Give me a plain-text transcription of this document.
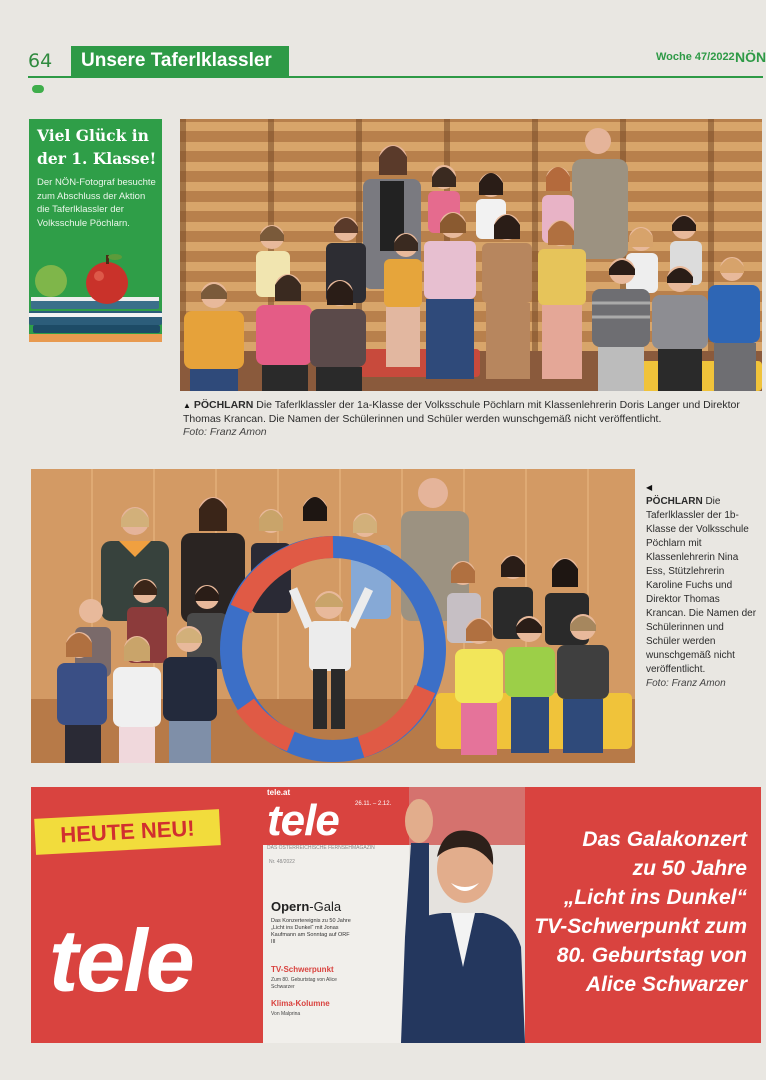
64	Unsere Taferlklassler	Woche 47/2022 NÖN
Viel Glück in der 1. Klasse!
Der NÖN-Fotograf besuchte zum Abschluss der Aktion die Taferlklassler der Volksschule Pöchlarn.
▲ PÖCHLARN Die Taferlklassler der 1a-Klasse der Volksschule Pöchlarn mit Klassenlehrerin Doris Langer und Direktor Thomas Krancan. Die Namen der Schülerinnen und Schüler werden wunschgemäß nicht veröffentlicht.
Foto: Franz Amon
◀
PÖCHLARN Die Taferlklassler der 1b-Klasse der Volksschule Pöchlarn mit Klassenlehrerin Nina Ess, Stützlehrerin Karoline Fuchs und Direktor Thomas Krancan. Die Namen der Schülerinnen und Schüler werden wunschgemäß nicht veröffentlicht.
Foto: Franz Amon
HEUTE NEU!
tele
tele.at
26.11. – 2.12.
tele
DAS ÖSTERREICHISCHE FERNSEHMAGAZIN
Nr. 48/2022
Opern-Gala
Das Konzertereignis zu 50 Jahre „Licht ins Dunkel“ mit Jonas Kaufmann am Sonntag auf ORF III
TV-Schwerpunkt
Zum 80. Geburtstag von Alice Schwarzer
Klima-Kolumne
Von Malprina
Das Galakonzert
zu 50 Jahre
„Licht ins Dunkel“
TV-Schwerpunkt zum
80. Geburtstag von
Alice Schwarzer
